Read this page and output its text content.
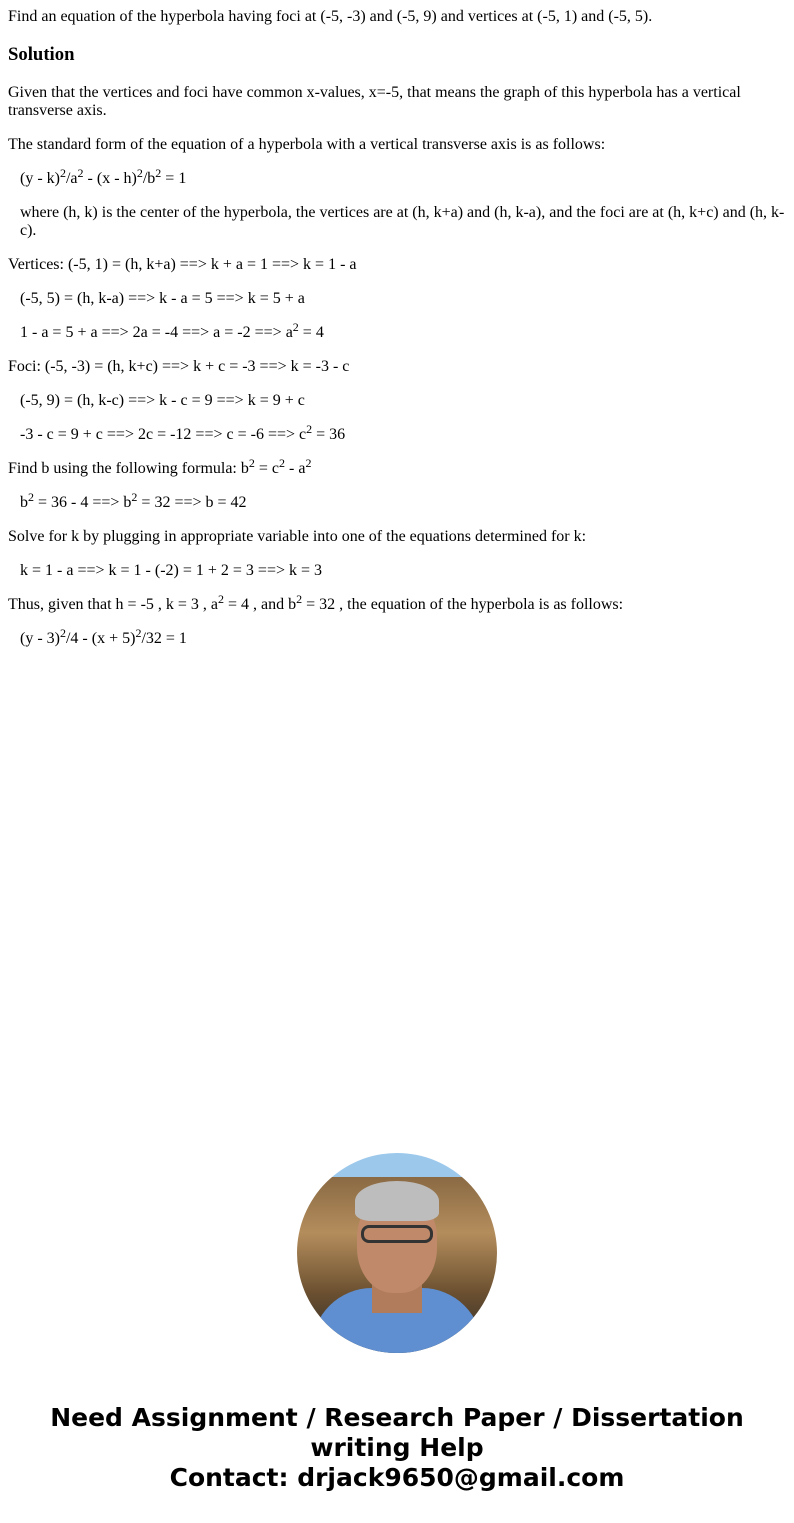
Find an equation of the hyperbola having foci at (-5, -3) and (-5, 9) and vertices at (-5, 1) and (-5, 5).

Solution

Given that the vertices and foci have common x-values, x=-5, that means the graph of this hyperbola has a vertical transverse axis.

The standard form of the equation of a hyperbola with a vertical transverse axis is as follows:

$(y - k)^2/a^2 - (x - h)^2/b^2 = 1$

where (h, k) is the center of the hyperbola, the vertices are at (h, k+a) and (h, k-a), and the foci are at (h, k+c) and (h, k-c).

Vertices: (-5, 1) = (h, k+a) ==> k + a = 1 ==> k = 1 - a

(-5, 5) = (h, k-a) ==> k - a = 5 ==> k = 5 + a

1 - a = 5 + a ==> 2a = -4 ==> a = -2 ==> $a^2 = 4$

Foci: (-5, -3) = (h, k+c) ==> k + c = -3 ==> k = -3 - c

(-5, 9) = (h, k-c) ==> k - c = 9 ==> k = 9 + c

-3 - c = 9 + c ==> 2c = -12 ==> c = -6 ==> $c^2 = 36$

Find b using the following formula: $b^2 = c^2 - a^2$

$b^2 = 36 - 4$ ==> $b^2 = 32$ ==> b = 42

Solve for k by plugging in appropriate variable into one of the equations determined for k:

k = 1 - a ==> k = 1 - (-2) = 1 + 2 = 3 ==> k = 3

Thus, given that h = -5 , k = 3 , $a^2 = 4$ , and $b^2 = 32$ , the equation of the hyperbola is as follows:

$(y - 3)^2/4 - (x + 5)^2/32 = 1$

Need Assignment / Research Paper / Dissertation
writing Help
Contact: drjack9650@gmail.com
